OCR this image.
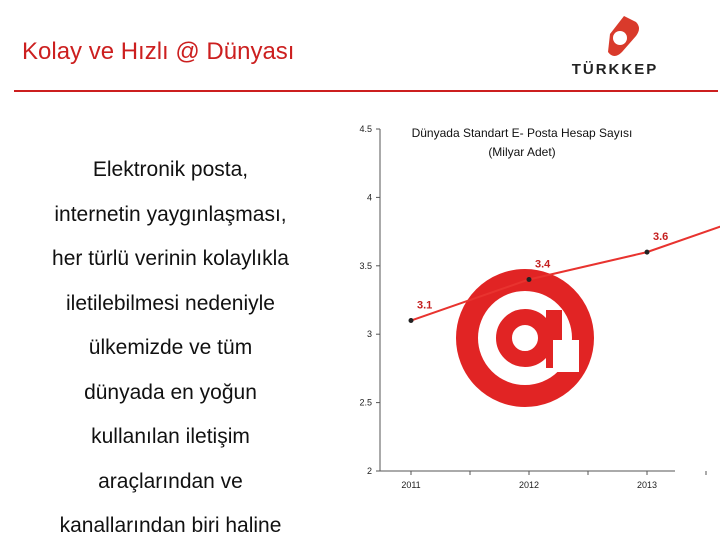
Kolay ve Hızlı @ Dünyası
TÜRKKEP
Elektronik posta,
internetin yaygınlaşması,
her türlü verinin kolaylıkla
iletilebilmesi nedeniyle
ülkemizde ve tüm
dünyada en yoğun
kullanılan iletişim
araçlarından ve
kanallarından biri haline
Dünyada Standart E- Posta Hesap Sayısı
(Milyar Adet)
2
2.5
3
3.5
4
4.5
2011	2012	2013
3.1
3.4
3.6
